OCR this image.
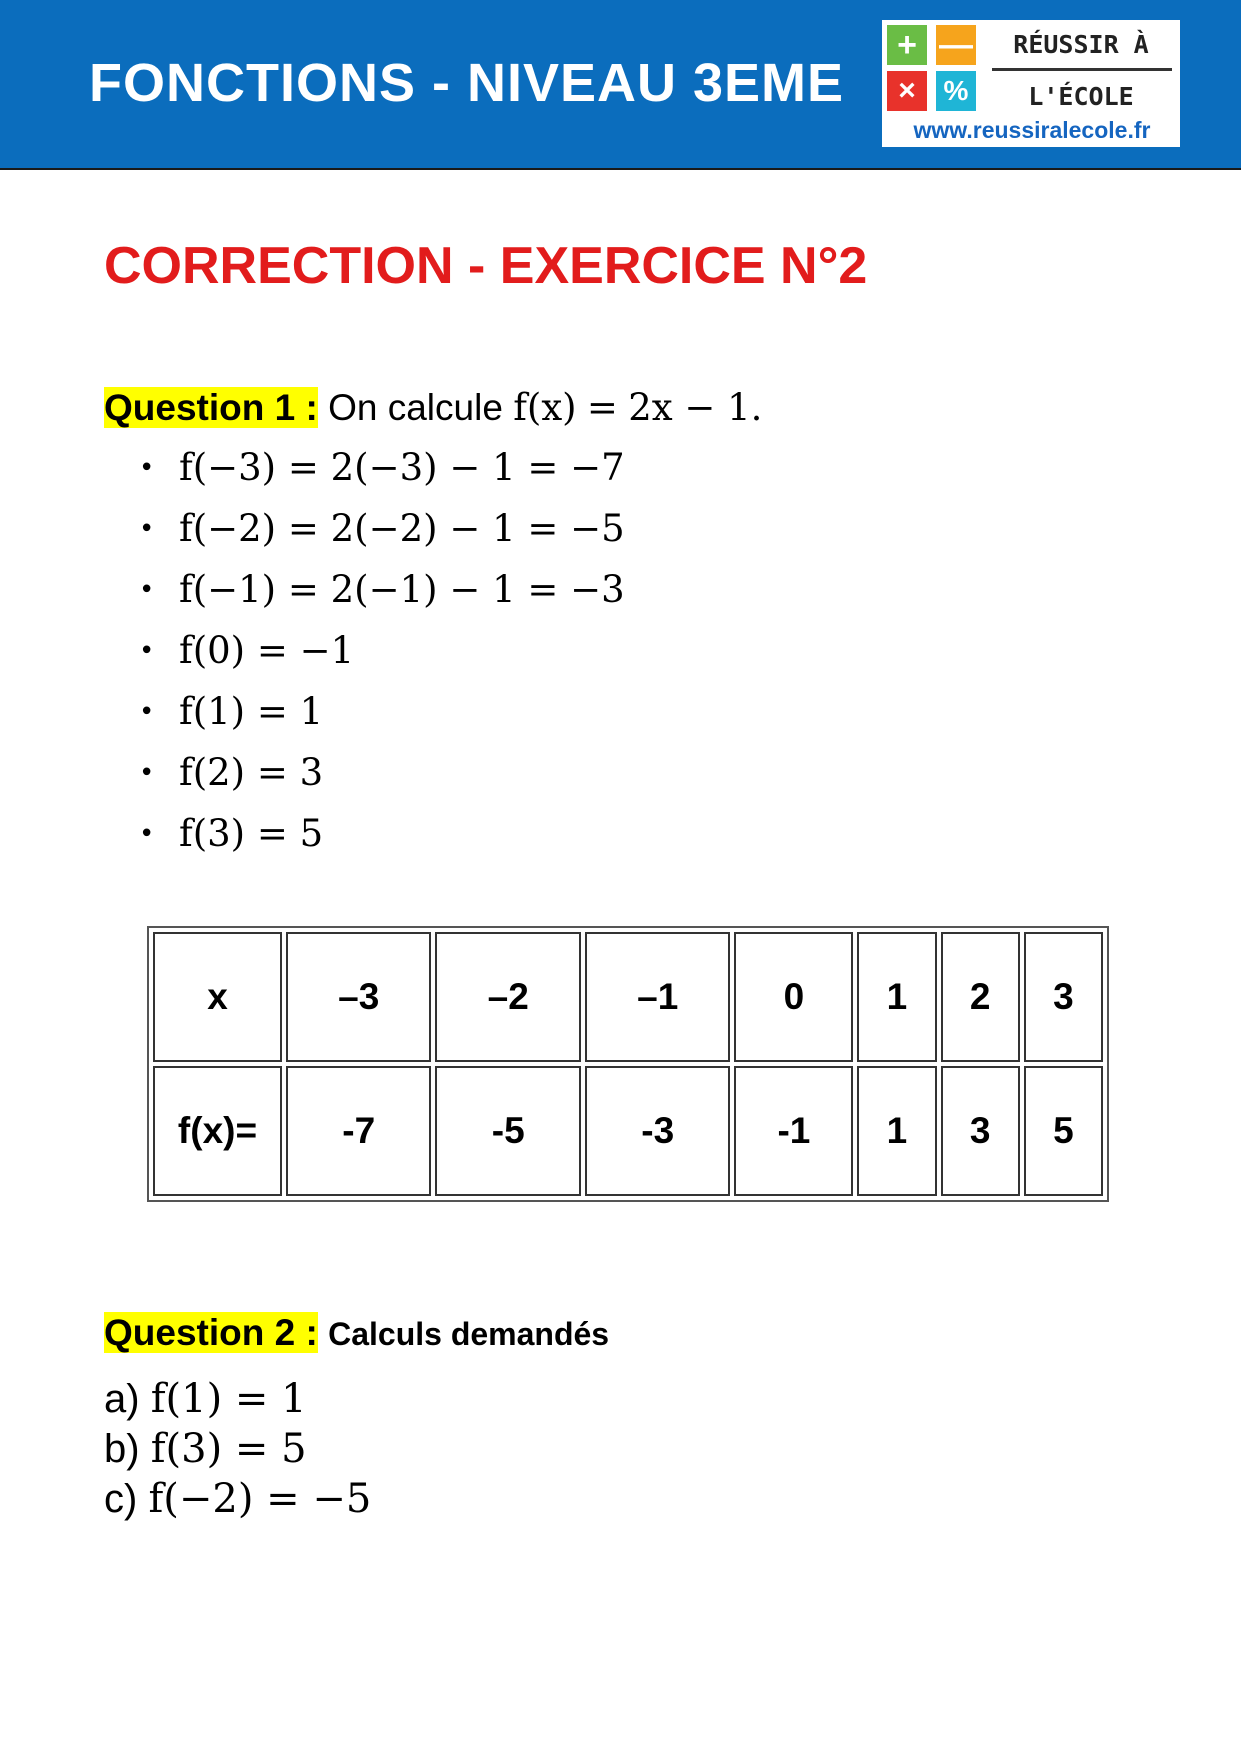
FONCTIONS - NIVEAU 3EME
+ —
× %
RÉUSSIR À
L'ÉCOLE
www.reussiralecole.fr
CORRECTION - EXERCICE N°2
Question 1 : On calcule f(x) = 2x − 1.
• f(−3) = 2(−3) − 1 = −7
• f(−2) = 2(−2) − 1 = −5
• f(−1) = 2(−1) − 1 = −3
• f(0) = −1
• f(1) = 1
• f(2) = 3
• f(3) = 5
x	–3	–2	–1	0	1	2	3
f(x)=	-7	-5	-3	-1	1	3	5
Question 2 : Calculs demandés
a) f(1) = 1
b) f(3) = 5
c) f(−2) = −5
